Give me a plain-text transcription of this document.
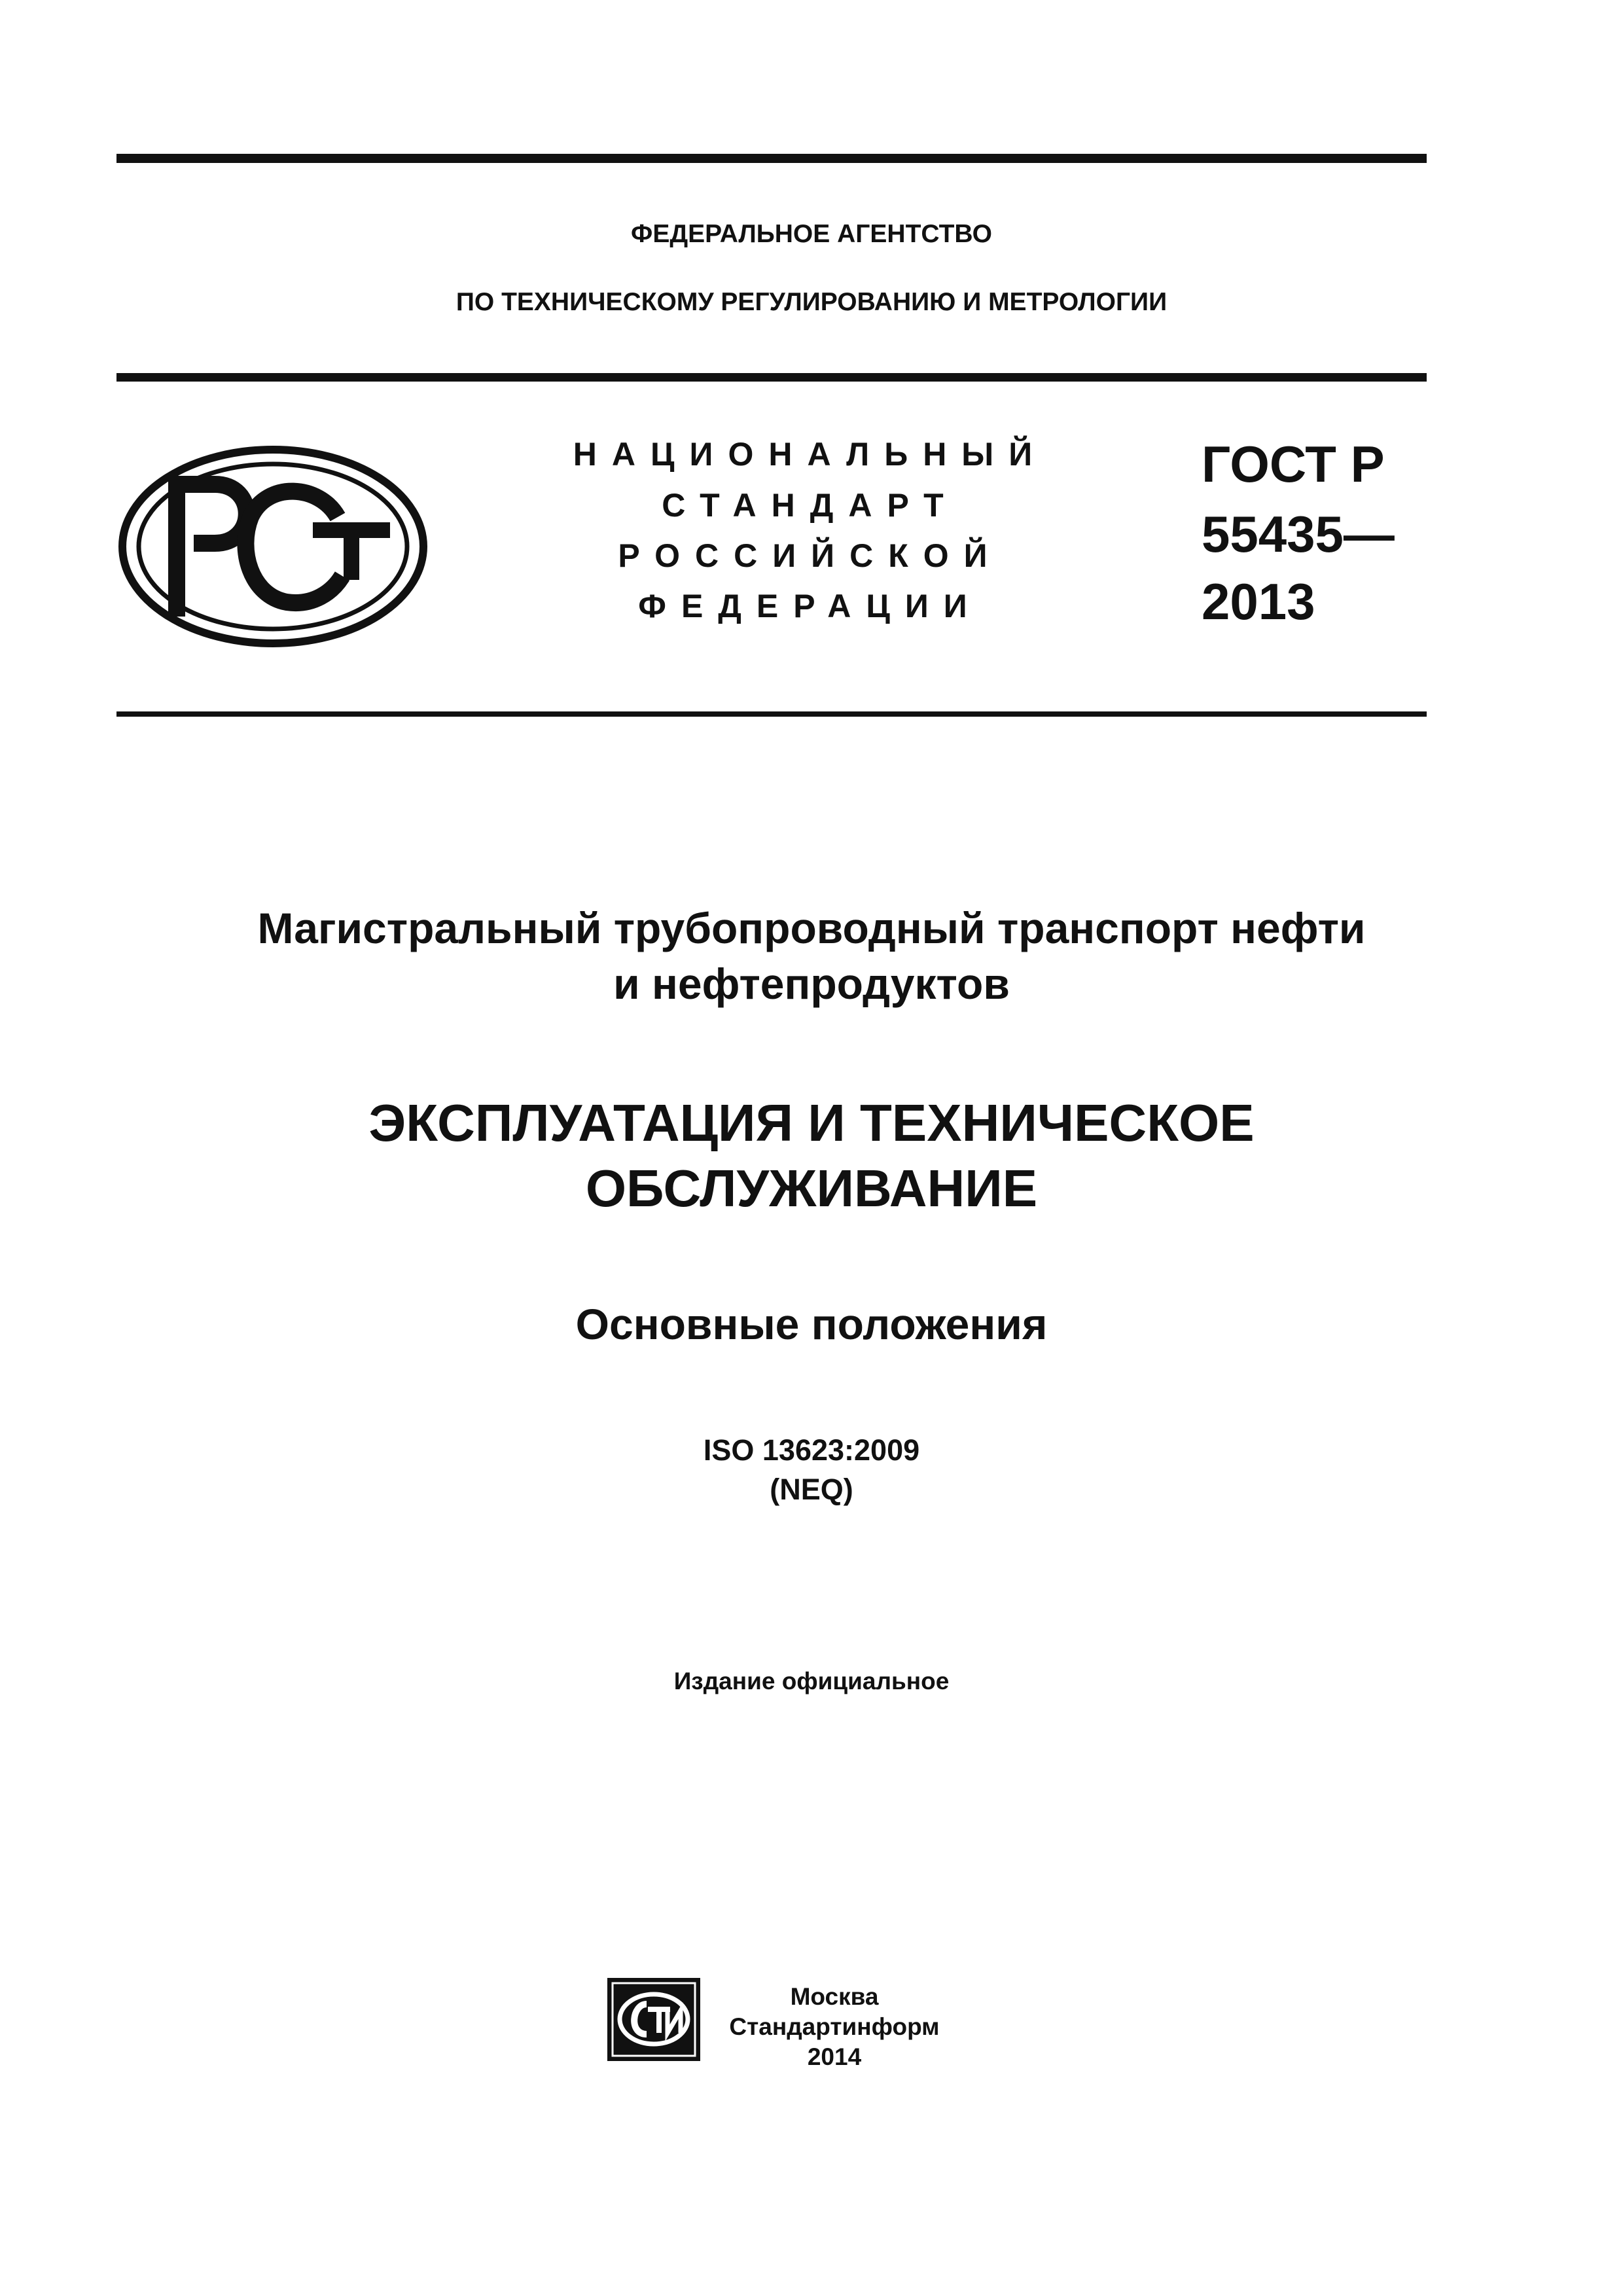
ФЕДЕРАЛЬНОЕ АГЕНТСТВО
ПО ТЕХНИЧЕСКОМУ РЕГУЛИРОВАНИЮ И МЕТРОЛОГИИ
НАЦИОНАЛЬНЫЙ
СТАНДАРТ
РОССИЙСКОЙ
ФЕДЕРАЦИИ
ГОСТ Р
55435—
2013
Магистральный трубопроводный транспорт нефти
и нефтепродуктов
ЭКСПЛУАТАЦИЯ И ТЕХНИЧЕСКОЕ
ОБСЛУЖИВАНИЕ
Основные положения
ISO 13623:2009
(NEQ)
Издание официальное
Москва
Стандартинформ
2014
